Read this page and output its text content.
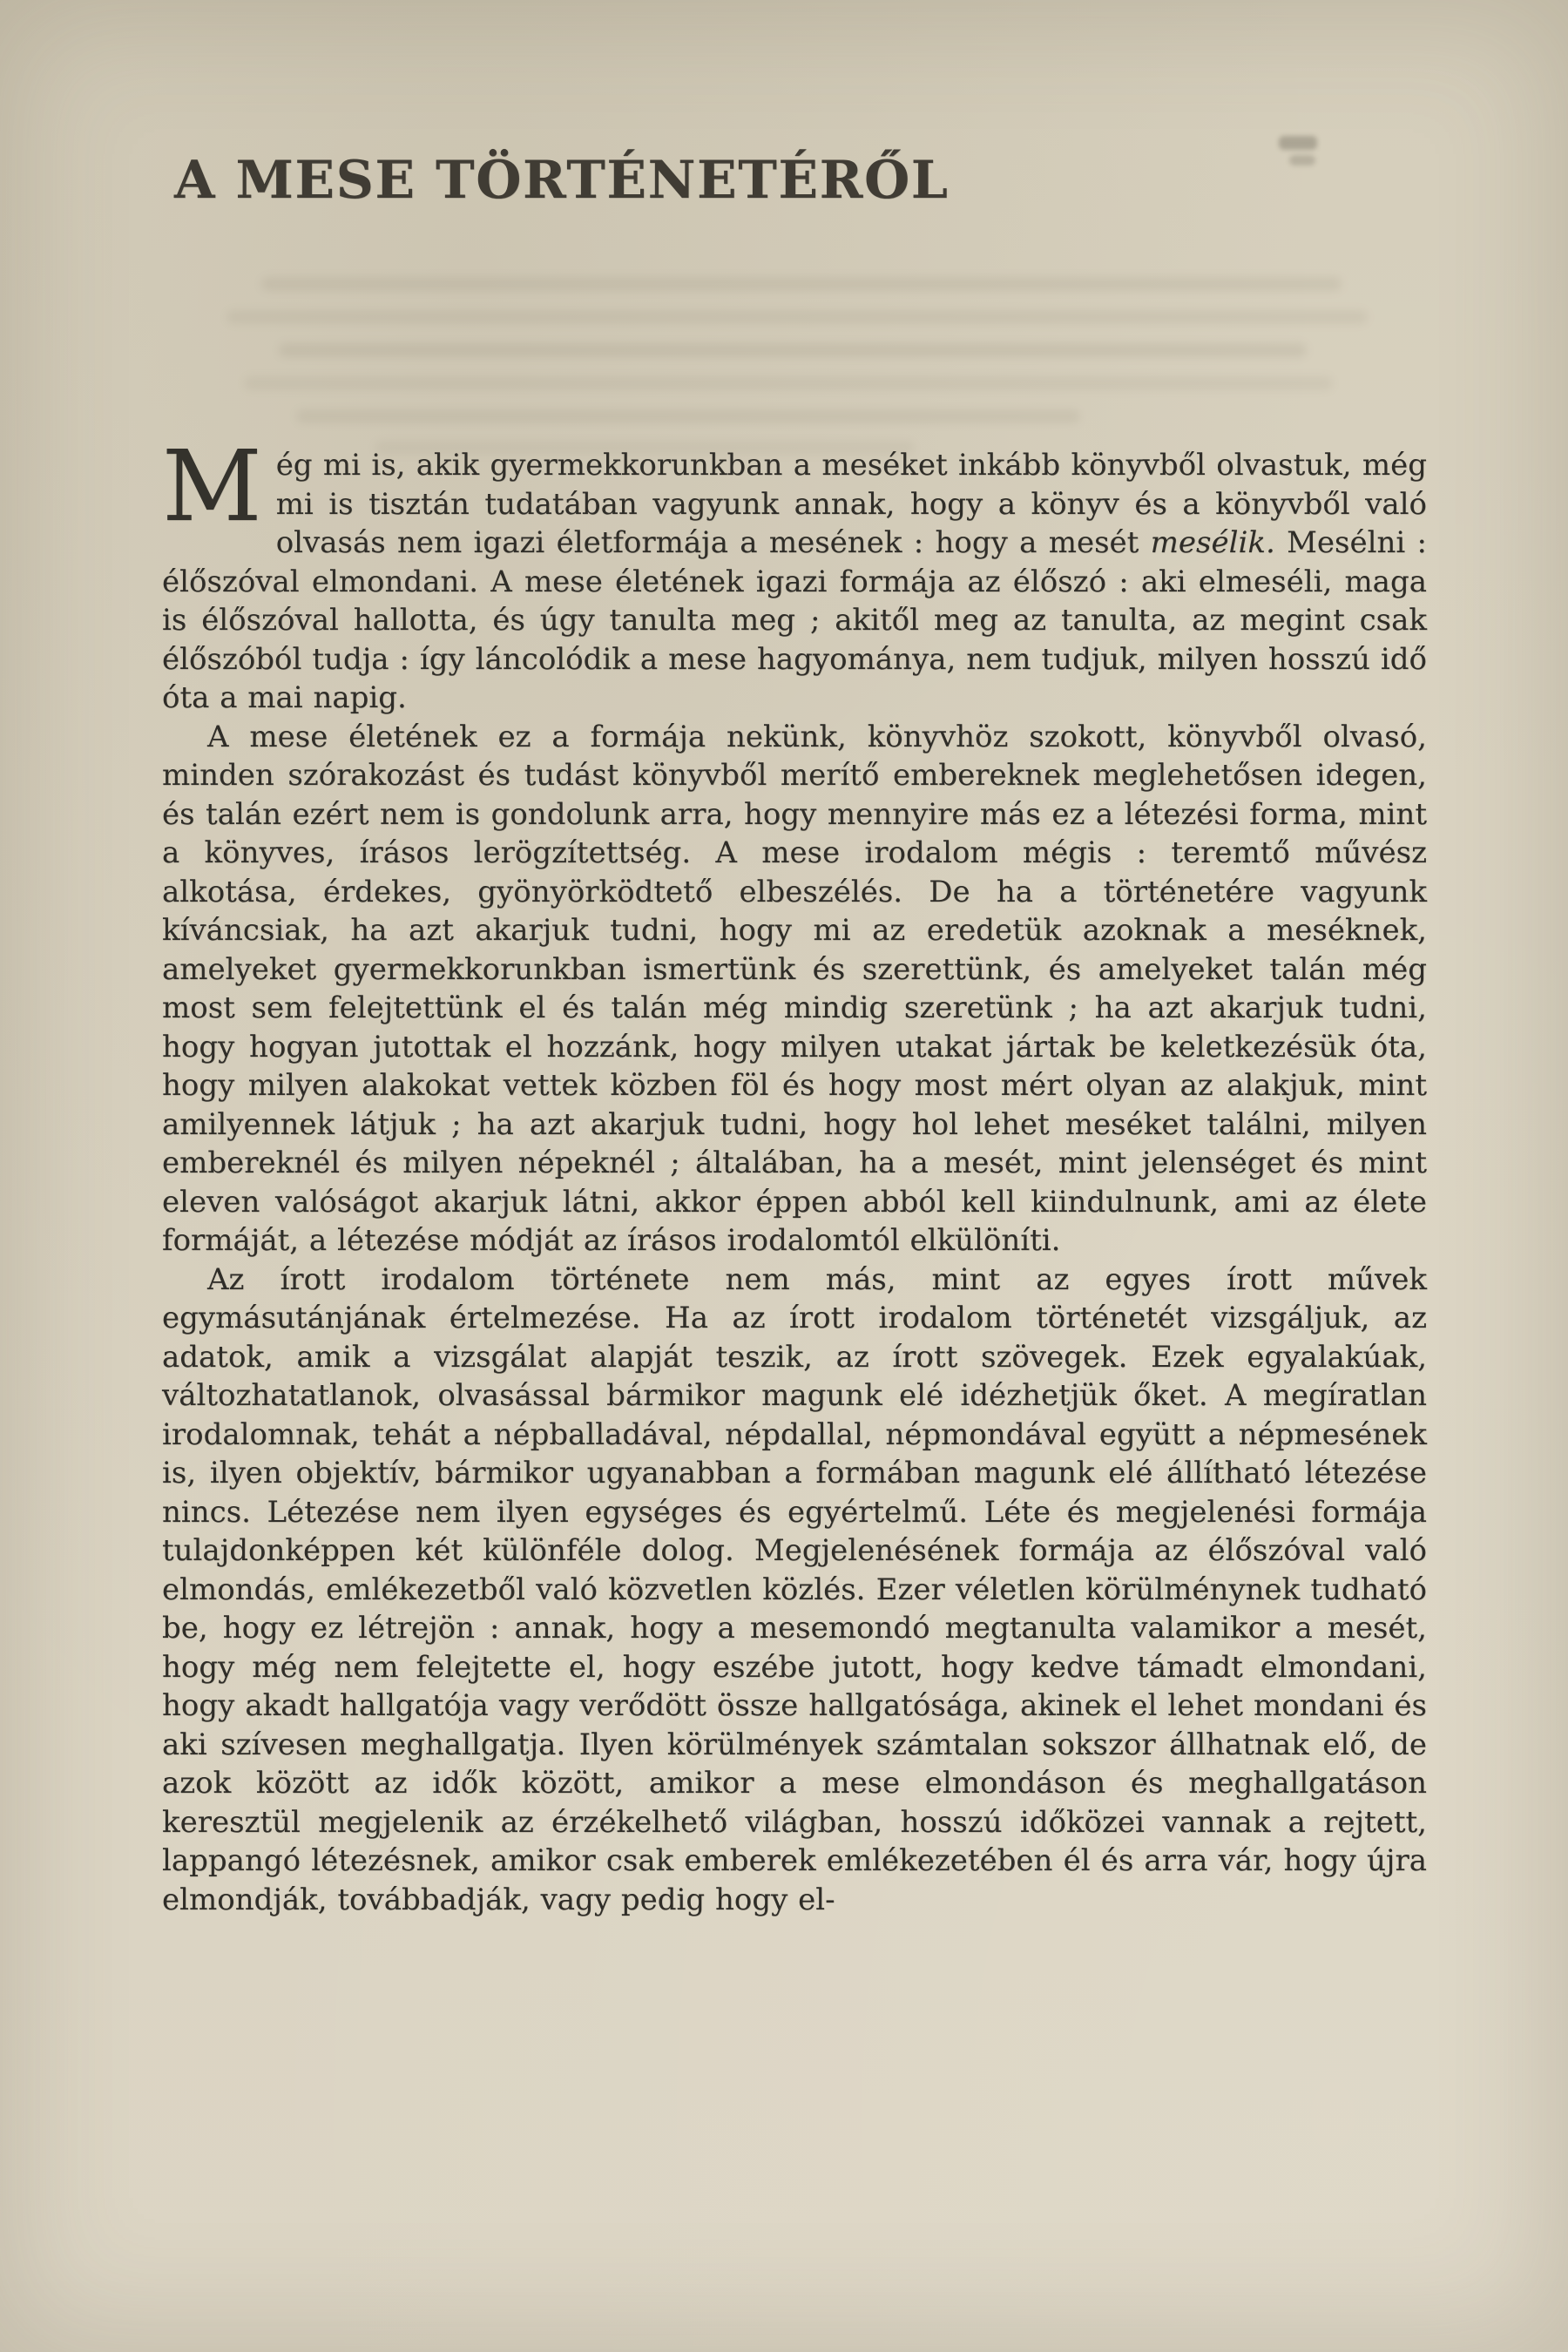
A MESE TÖRTÉNETÉRŐL

Még mi is, akik gyermekkorunkban a meséket inkább könyvből olvastuk, még mi is tisztán tudatában vagyunk annak, hogy a könyv és a könyvből való olvasás nem igazi életformája a mesének : hogy a mesét mesélik. Mesélni : élőszóval elmondani. A mese életének igazi formája az élőszó : aki elmeséli, maga is élőszóval hallotta, és úgy tanulta meg ; akitől meg az tanulta, az megint csak élőszóból tudja : így láncolódik a mese hagyománya, nem tudjuk, milyen hosszú idő óta a mai napig.

A mese életének ez a formája nekünk, könyvhöz szokott, könyvből olvasó, minden szórakozást és tudást könyvből merítő embereknek meglehetősen idegen, és talán ezért nem is gondolunk arra, hogy mennyire más ez a létezési forma, mint a könyves, írásos lerögzítettség. A mese irodalom mégis : teremtő művész alkotása, érdekes, gyönyörködtető elbeszélés. De ha a történetére vagyunk kíváncsiak, ha azt akarjuk tudni, hogy mi az eredetük azoknak a meséknek, amelyeket gyermekkorunkban ismertünk és szerettünk, és amelyeket talán még most sem felejtettünk el és talán még mindig szeretünk ; ha azt akarjuk tudni, hogy hogyan jutottak el hozzánk, hogy milyen utakat jártak be keletkezésük óta, hogy milyen alakokat vettek közben föl és hogy most mért olyan az alakjuk, mint amilyennek látjuk ; ha azt akarjuk tudni, hogy hol lehet meséket találni, milyen embereknél és milyen népeknél ; általában, ha a mesét, mint jelenséget és mint eleven valóságot akarjuk látni, akkor éppen abból kell kiindulnunk, ami az élete formáját, a létezése módját az írásos irodalomtól elkülöníti.

Az írott irodalom története nem más, mint az egyes írott művek egymásutánjának értelmezése. Ha az írott irodalom történetét vizsgáljuk, az adatok, amik a vizsgálat alapját teszik, az írott szövegek. Ezek egyalakúak, változhatatlanok, olvasással bármikor magunk elé idézhetjük őket. A megíratlan irodalomnak, tehát a népballadával, népdallal, népmondával együtt a népmesének is, ilyen objektív, bármikor ugyanabban a formában magunk elé állítható létezése nincs. Létezése nem ilyen egységes és egyértelmű. Léte és megjelenési formája tulajdonképpen két különféle dolog. Megjelenésének formája az élőszóval való elmondás, emlékezetből való közvetlen közlés. Ezer véletlen körülménynek tudható be, hogy ez létrejön : annak, hogy a mesemondó megtanulta valamikor a mesét, hogy még nem felejtette el, hogy eszébe jutott, hogy kedve támadt elmondani, hogy akadt hallgatója vagy verődött össze hallgatósága, akinek el lehet mondani és aki szívesen meghallgatja. Ilyen körülmények számtalan sokszor állhatnak elő, de azok között az idők között, amikor a mese elmondáson és meghallgatáson keresztül megjelenik az érzékelhető világban, hosszú időközei vannak a rejtett, lappangó létezésnek, amikor csak emberek emlékezetében él és arra vár, hogy újra elmondják, továbbadják, vagy pedig hogy el-
